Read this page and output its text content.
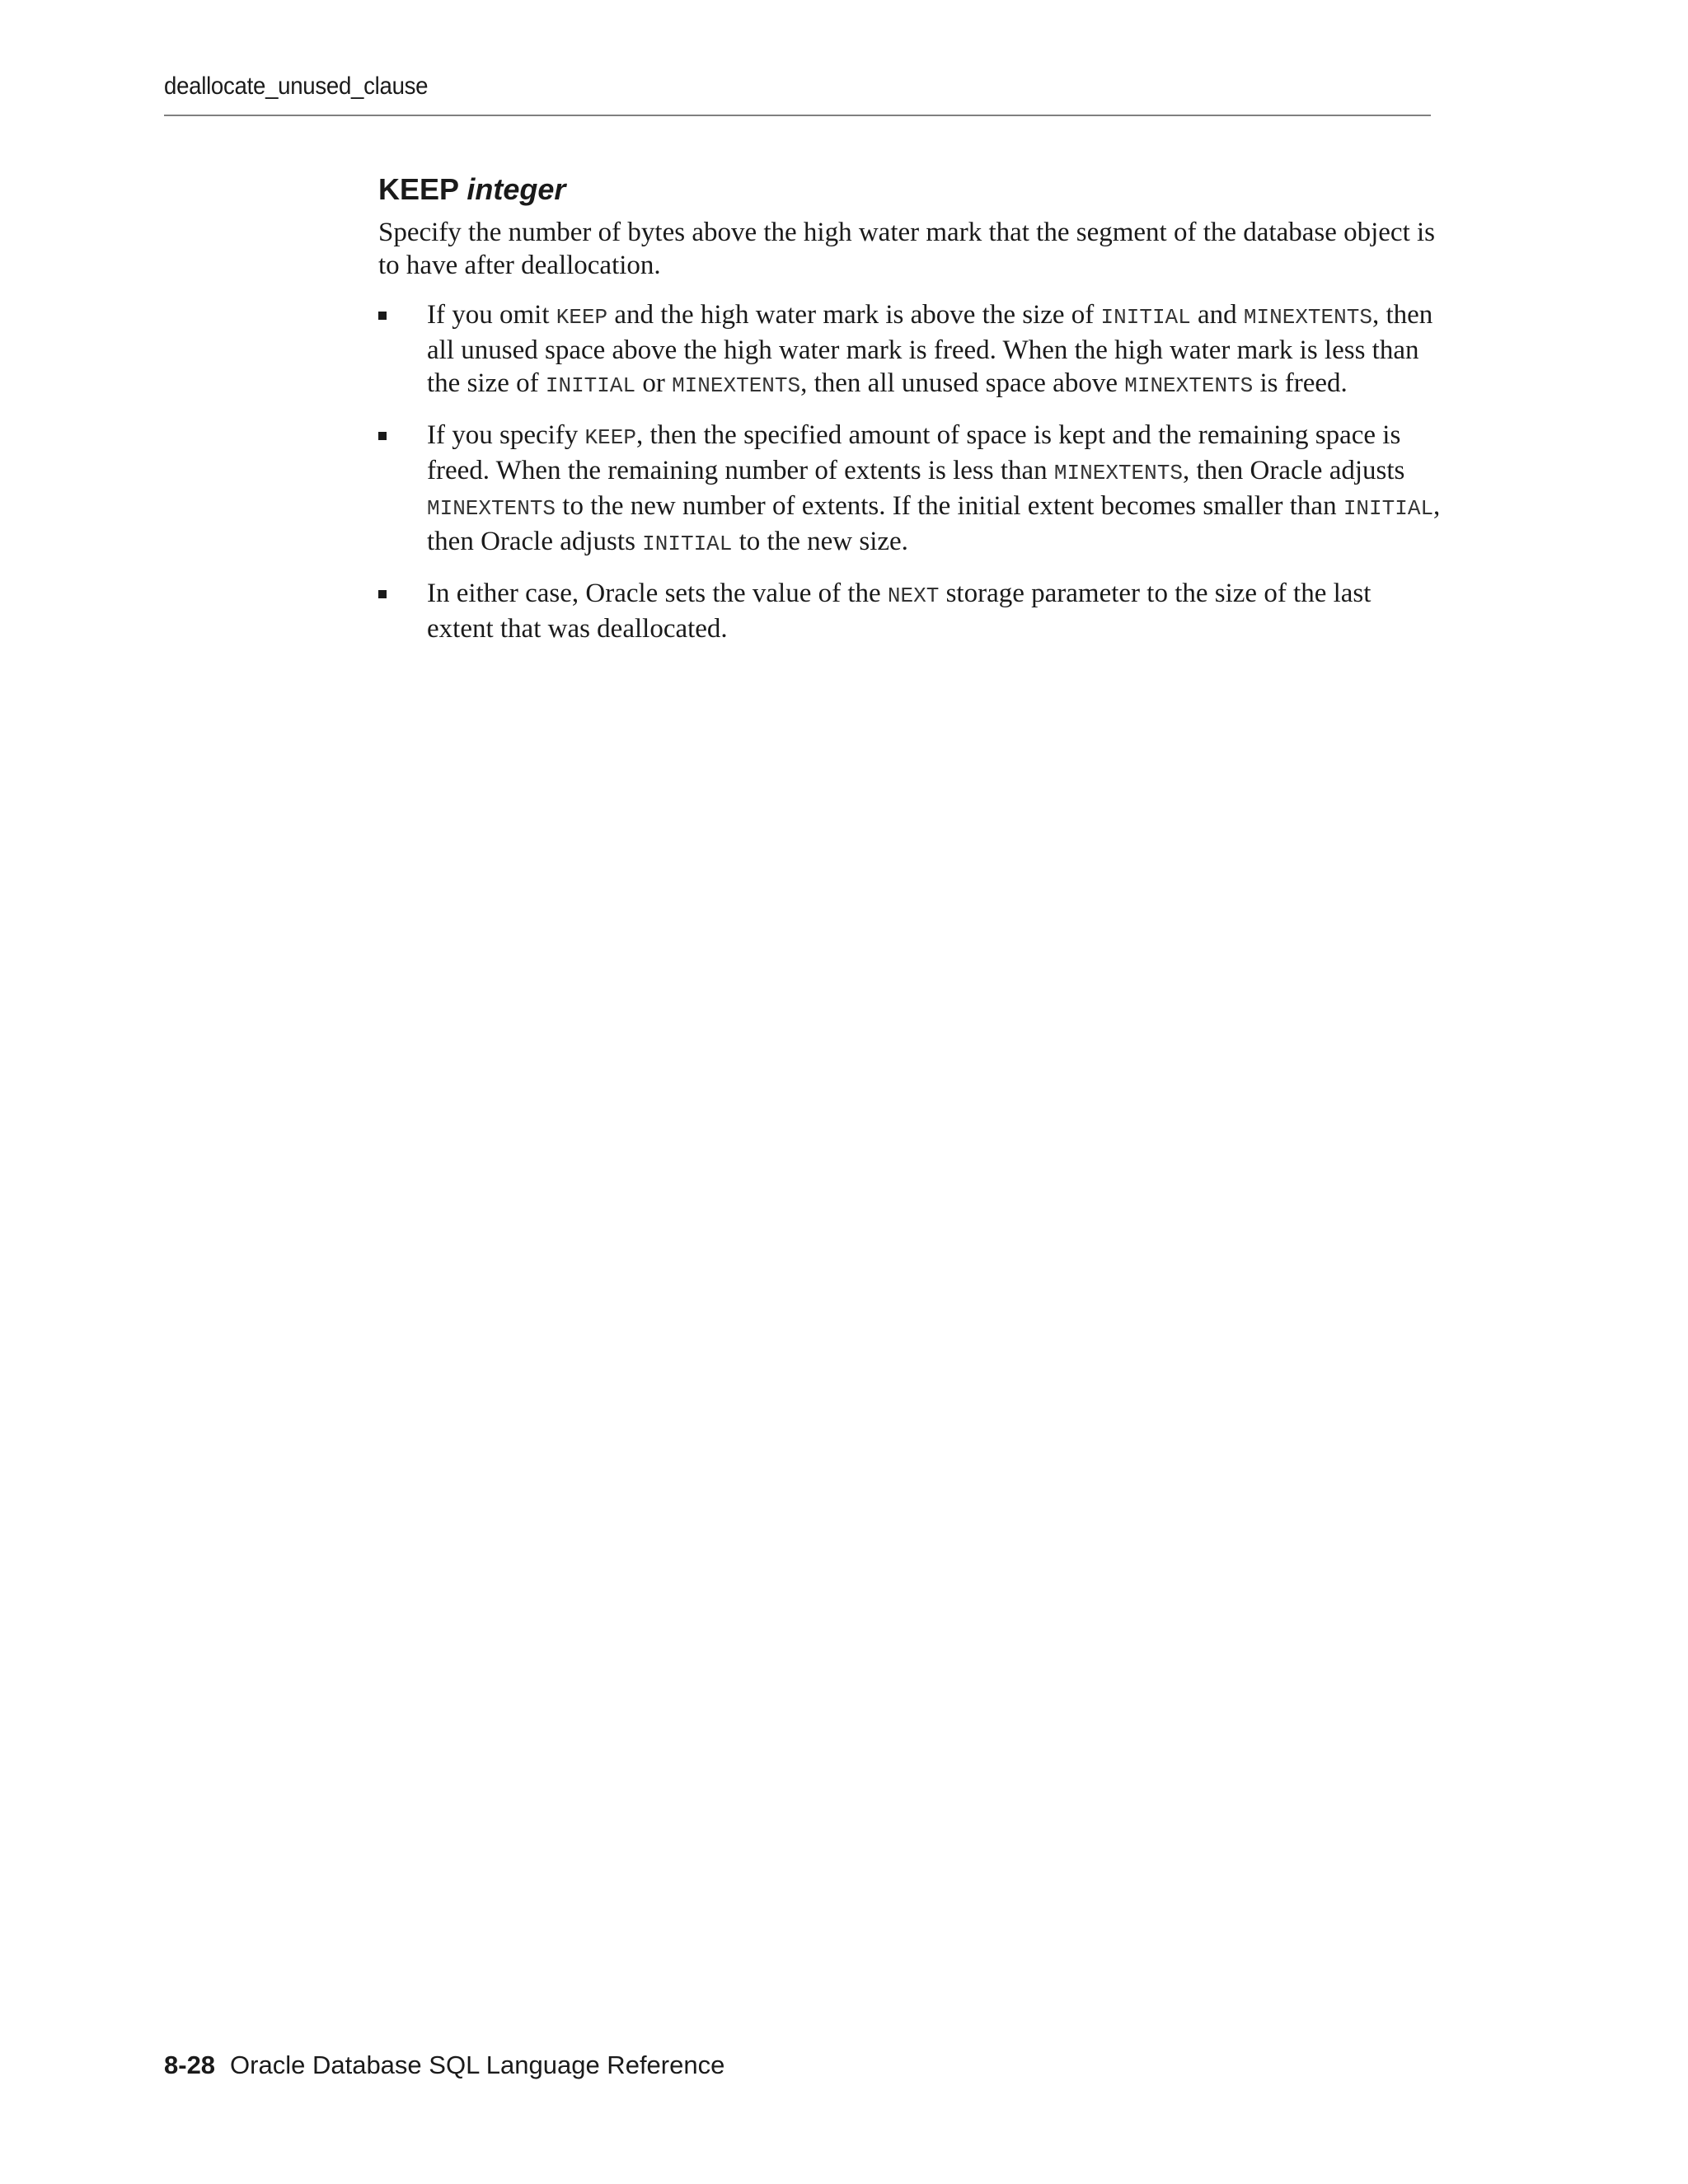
deallocate_unused_clause
KEEP integer

Specify the number of bytes above the high water mark that the segment of the database object is to have after deallocation.

If you omit KEEP and the high water mark is above the size of INITIAL and MINEXTENTS, then all unused space above the high water mark is freed. When the high water mark is less than the size of INITIAL or MINEXTENTS, then all unused space above MINEXTENTS is freed.
If you specify KEEP, then the specified amount of space is kept and the remaining space is freed. When the remaining number of extents is less than MINEXTENTS, then Oracle adjusts MINEXTENTS to the new number of extents. If the initial extent becomes smaller than INITIAL, then Oracle adjusts INITIAL to the new size.
In either case, Oracle sets the value of the NEXT storage parameter to the size of the last extent that was deallocated.
8-28 Oracle Database SQL Language Reference
